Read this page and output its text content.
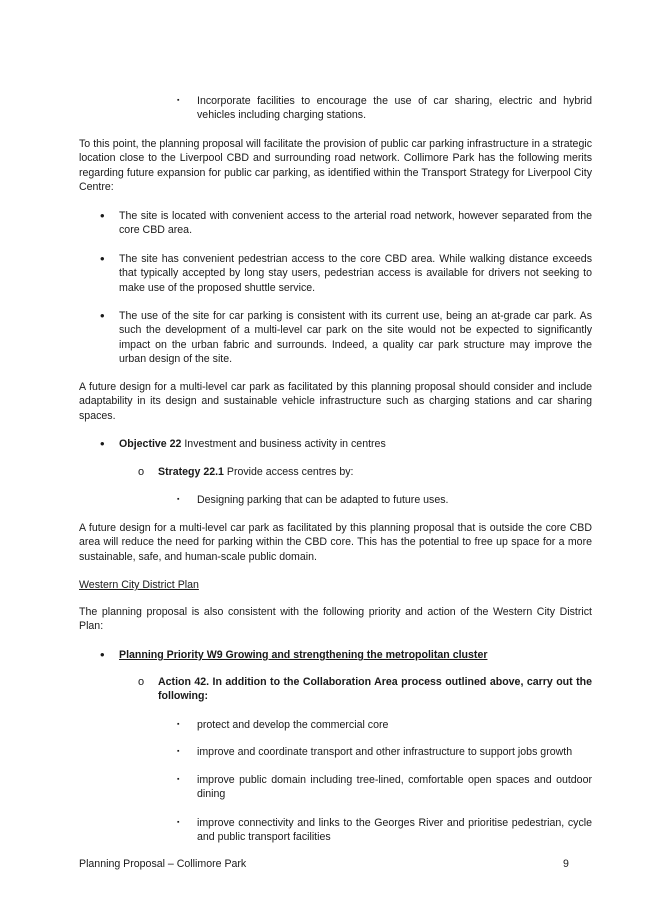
▪ Incorporate facilities to encourage the use of car sharing, electric and hybrid vehicles including charging stations.

To this point, the planning proposal will facilitate the provision of public car parking infrastructure in a strategic location close to the Liverpool CBD and surrounding road network. Collimore Park has the following merits regarding future expansion for public car parking, as identified within the Transport Strategy for Liverpool City Centre:

• The site is located with convenient access to the arterial road network, however separated from the core CBD area.

• The site has convenient pedestrian access to the core CBD area. While walking distance exceeds that typically accepted by long stay users, pedestrian access is available for drivers not seeking to make use of the proposed shuttle service.

• The use of the site for car parking is consistent with its current use, being an at-grade car park. As such the development of a multi-level car park on the site would not be expected to significantly impact on the urban fabric and surrounds. Indeed, a quality car park structure may improve the urban design of the site.

A future design for a multi-level car park as facilitated by this planning proposal should consider and include adaptability in its design and sustainable vehicle infrastructure such as charging stations and car sharing spaces.

• Objective 22 Investment and business activity in centres

o Strategy 22.1 Provide access centres by:

▪ Designing parking that can be adapted to future uses.

A future design for a multi-level car park as facilitated by this planning proposal that is outside the core CBD area will reduce the need for parking within the CBD core. This has the potential to free up space for a more sustainable, safe, and human-scale public domain.

Western City District Plan

The planning proposal is also consistent with the following priority and action of the Western City District Plan:

• Planning Priority W9 Growing and strengthening the metropolitan cluster

o Action 42. In addition to the Collaboration Area process outlined above, carry out the following:

▪ protect and develop the commercial core

▪ improve and coordinate transport and other infrastructure to support jobs growth

▪ improve public domain including tree-lined, comfortable open spaces and outdoor dining

▪ improve connectivity and links to the Georges River and prioritise pedestrian, cycle and public transport facilities

Planning Proposal – Collimore Park	9
